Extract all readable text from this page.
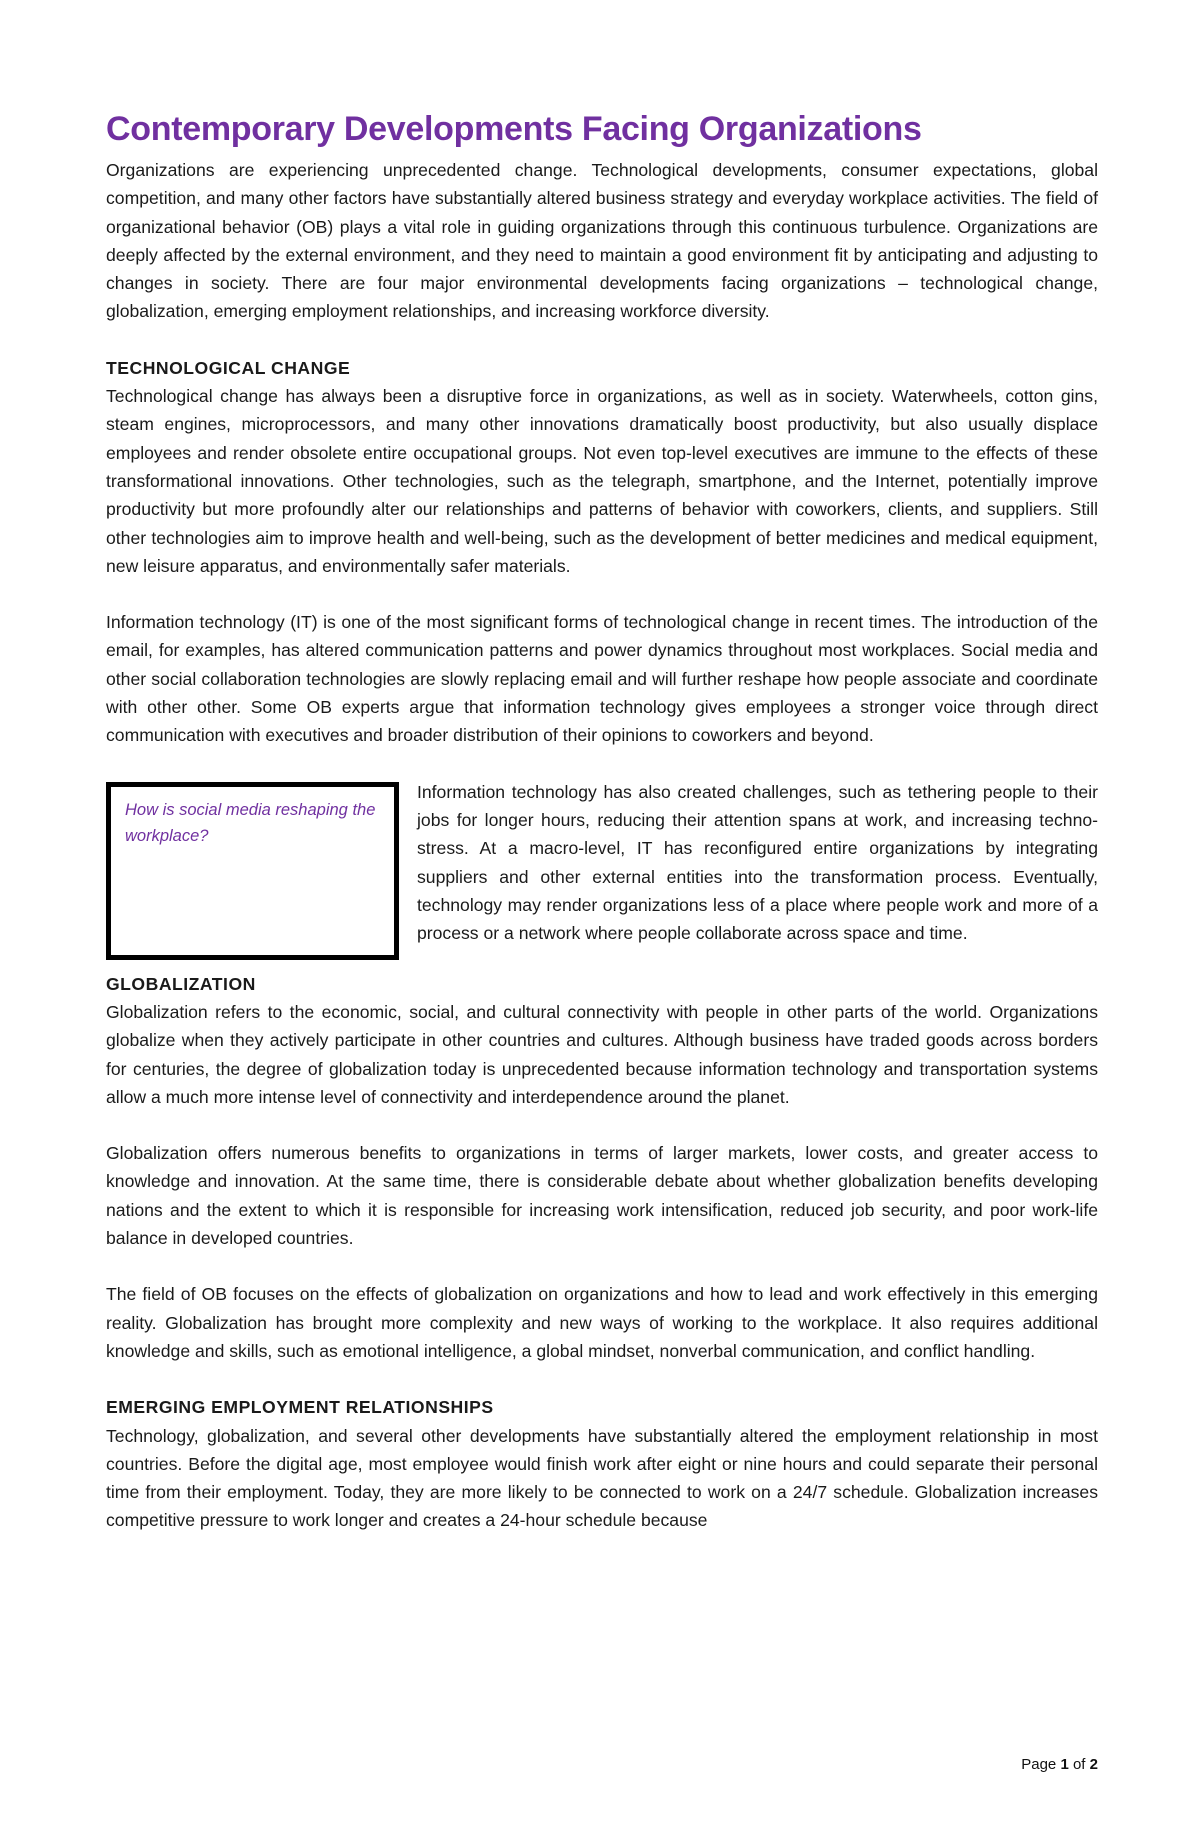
Contemporary Developments Facing Organizations

Organizations are experiencing unprecedented change. Technological developments, consumer expectations, global competition, and many other factors have substantially altered business strategy and everyday workplace activities. The field of organizational behavior (OB) plays a vital role in guiding organizations through this continuous turbulence. Organizations are deeply affected by the external environment, and they need to maintain a good environment fit by anticipating and adjusting to changes in society. There are four major environmental developments facing organizations – technological change, globalization, emerging employment relationships, and increasing workforce diversity.

TECHNOLOGICAL CHANGE

Technological change has always been a disruptive force in organizations, as well as in society. Waterwheels, cotton gins, steam engines, microprocessors, and many other innovations dramatically boost productivity, but also usually displace employees and render obsolete entire occupational groups. Not even top-level executives are immune to the effects of these transformational innovations. Other technologies, such as the telegraph, smartphone, and the Internet, potentially improve productivity but more profoundly alter our relationships and patterns of behavior with coworkers, clients, and suppliers. Still other technologies aim to improve health and well-being, such as the development of better medicines and medical equipment, new leisure apparatus, and environmentally safer materials.

Information technology (IT) is one of the most significant forms of technological change in recent times. The introduction of the email, for examples, has altered communication patterns and power dynamics throughout most workplaces. Social media and other social collaboration technologies are slowly replacing email and will further reshape how people associate and coordinate with other other. Some OB experts argue that information technology gives employees a stronger voice through direct communication with executives and broader distribution of their opinions to coworkers and beyond.

How is social media reshaping the workplace?

Information technology has also created challenges, such as tethering people to their jobs for longer hours, reducing their attention spans at work, and increasing techno-stress. At a macro-level, IT has reconfigured entire organizations by integrating suppliers and other external entities into the transformation process. Eventually, technology may render organizations less of a place where people work and more of a process or a network where people collaborate across space and time.

GLOBALIZATION

Globalization refers to the economic, social, and cultural connectivity with people in other parts of the world. Organizations globalize when they actively participate in other countries and cultures. Although business have traded goods across borders for centuries, the degree of globalization today is unprecedented because information technology and transportation systems allow a much more intense level of connectivity and interdependence around the planet.

Globalization offers numerous benefits to organizations in terms of larger markets, lower costs, and greater access to knowledge and innovation. At the same time, there is considerable debate about whether globalization benefits developing nations and the extent to which it is responsible for increasing work intensification, reduced job security, and poor work-life balance in developed countries.

The field of OB focuses on the effects of globalization on organizations and how to lead and work effectively in this emerging reality. Globalization has brought more complexity and new ways of working to the workplace. It also requires additional knowledge and skills, such as emotional intelligence, a global mindset, nonverbal communication, and conflict handling.

EMERGING EMPLOYMENT RELATIONSHIPS

Technology, globalization, and several other developments have substantially altered the employment relationship in most countries. Before the digital age, most employee would finish work after eight or nine hours and could separate their personal time from their employment. Today, they are more likely to be connected to work on a 24/7 schedule. Globalization increases competitive pressure to work longer and creates a 24-hour schedule because

Page 1 of 2
